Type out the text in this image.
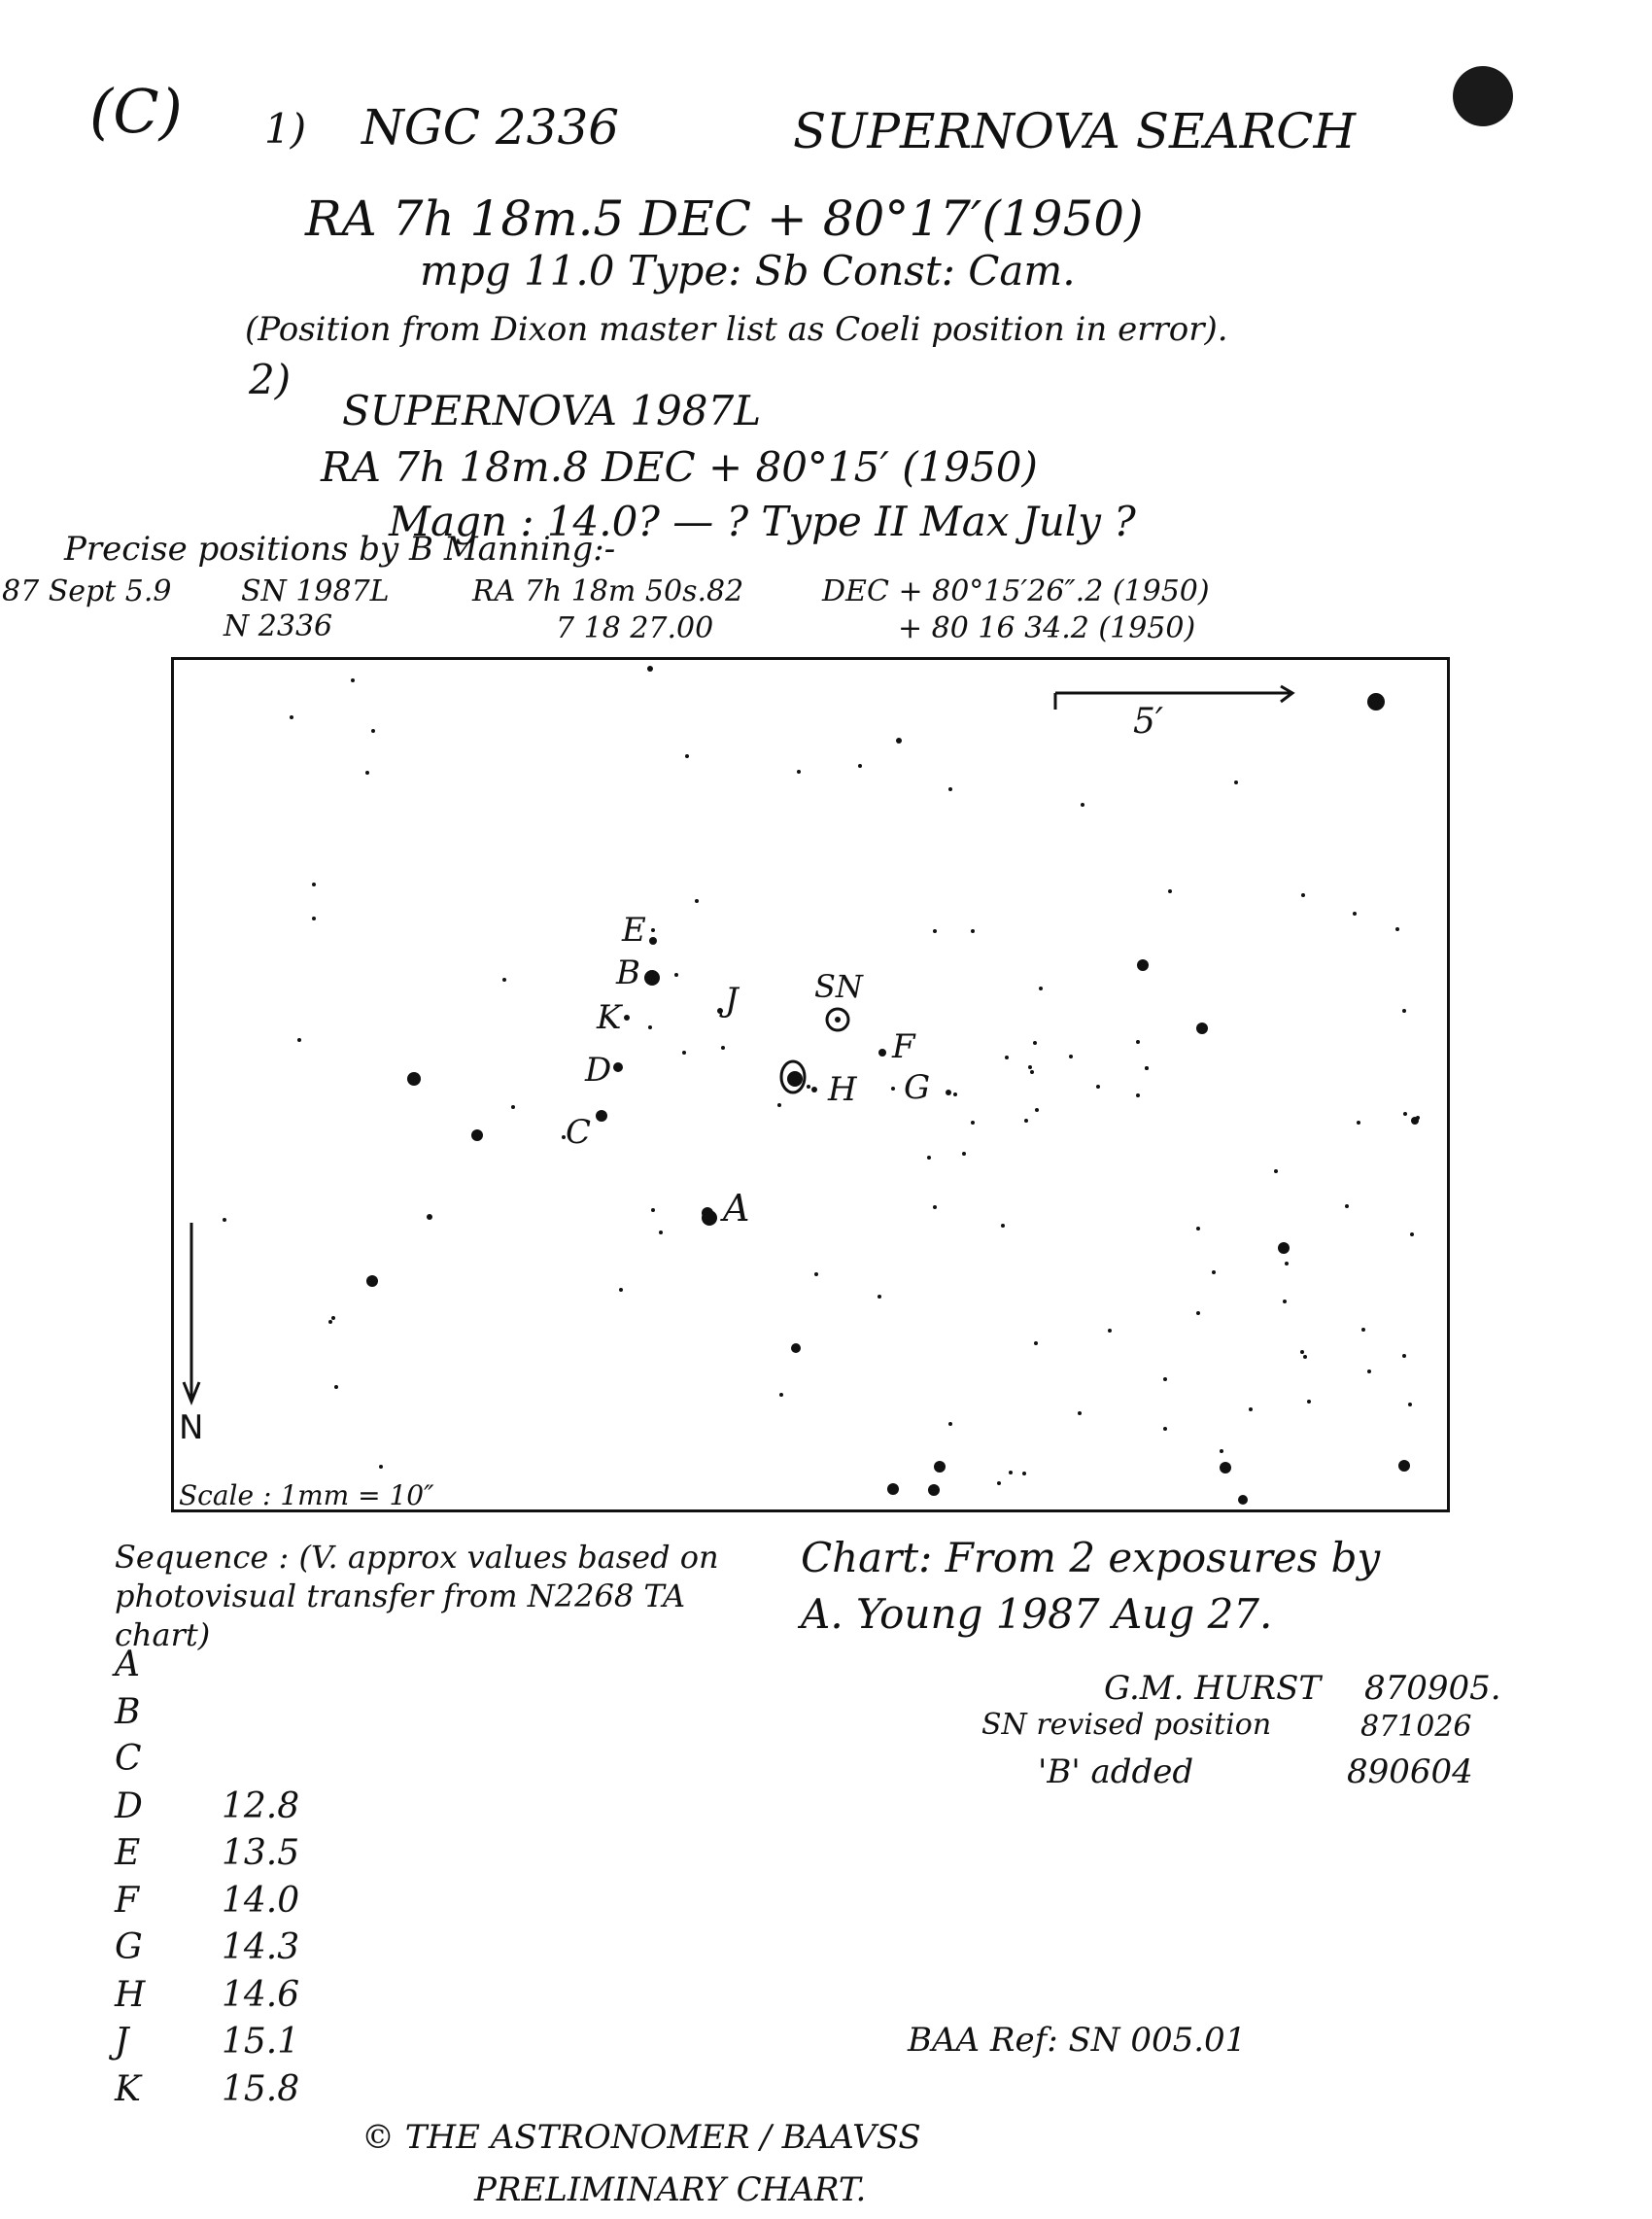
(C) 1) NGC 2336	SUPERNOVA SEARCH
RA 7h 18m.5 DEC + 80°17′(1950)
mpg 11.0 Type: Sb Const: Cam.
(Position from Dixon master list as Coeli position in error).
2)
SUPERNOVA 1987L
RA 7h 18m.8 DEC + 80°15′ (1950)
Magn : 14.0? — ? Type II Max July ?
Precise positions by B Manning:-
87 Sept 5.9 SN 1987L	RA 7h 18m 50s.82	DEC + 80°15′26″.2 (1950)
N 2336	7 18 27.00	+ 80 16 34.2 (1950)
5′
N
Scale : 1mm = 10″
E
B
K	J
D
C
A
F
G
H
SN
Sequence : (V. approx values based on photovisual transfer from N2268 TA chart)
A
B
C
D 12.8
E 13.5
F 14.0
G 14.3
H 14.6
J	15.1
K 15.8
Chart: From 2 exposures by
A. Young 1987 Aug 27.
G.M. HURST 870905.
SN revised position	871026
'B' added	890604
BAA Ref: SN 005.01
© THE ASTRONOMER / BAAVSS
PRELIMINARY CHART.
